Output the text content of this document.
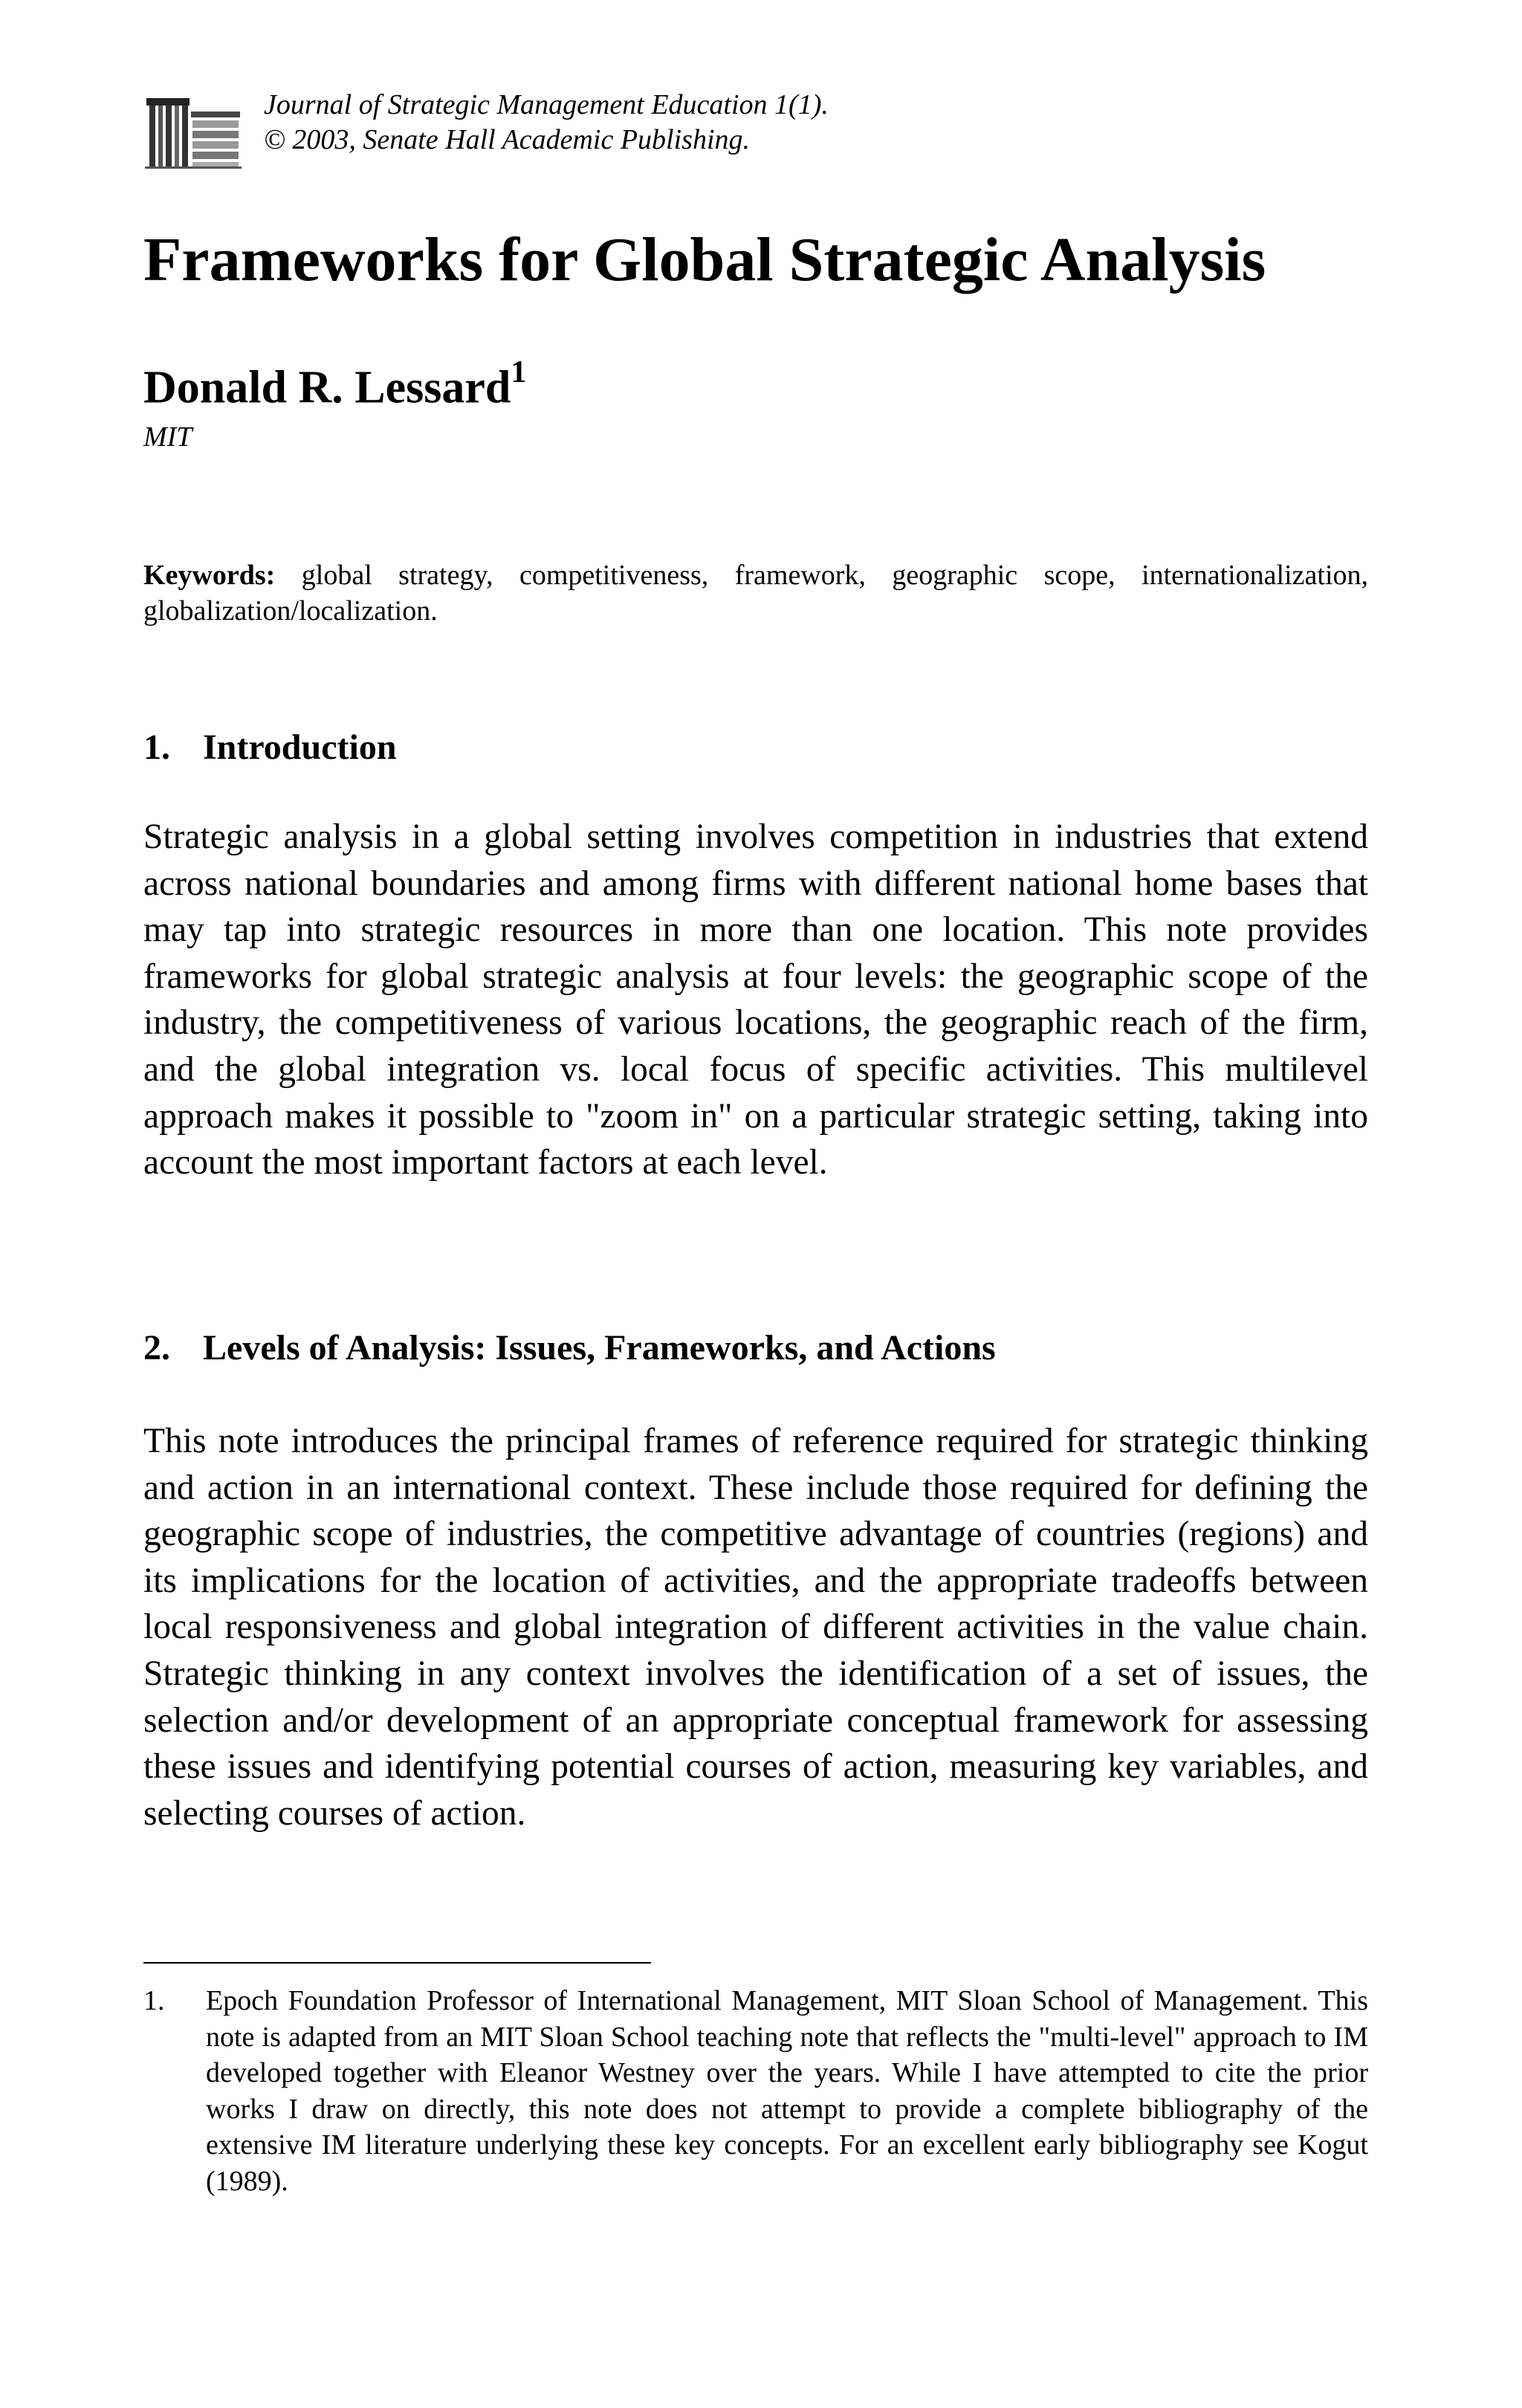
Journal of Strategic Management Education 1(1).
© 2003, Senate Hall Academic Publishing.
Frameworks for Global Strategic Analysis
Donald R. Lessard$^1$
MIT

Keywords: global strategy, competitiveness, framework, geographic scope, internationalization, globalization/localization.

1. Introduction

Strategic analysis in a global setting involves competition in industries that extend across national boundaries and among firms with different national home bases that may tap into strategic resources in more than one location. This note provides frameworks for global strategic analysis at four levels: the geographic scope of the industry, the competitiveness of various locations, the geographic reach of the firm, and the global integration vs. local focus of specific activities. This multilevel approach makes it possible to "zoom in" on a particular strategic setting, taking into account the most important factors at each level.

2. Levels of Analysis: Issues, Frameworks, and Actions

This note introduces the principal frames of reference required for strategic thinking and action in an international context. These include those required for defining the geographic scope of industries, the competitive advantage of countries (regions) and its implications for the location of activities, and the appropriate tradeoffs between local responsiveness and global integration of different activities in the value chain. Strategic thinking in any context involves the identification of a set of issues, the selection and/or development of an appropriate conceptual framework for assessing these issues and identifying potential courses of action, measuring key variables, and selecting courses of action.

1. Epoch Foundation Professor of International Management, MIT Sloan School of Management. This note is adapted from an MIT Sloan School teaching note that reflects the "multi-level" approach to IM developed together with Eleanor Westney over the years. While I have attempted to cite the prior works I draw on directly, this note does not attempt to provide a complete bibliography of the extensive IM literature underlying these key concepts. For an excellent early bibliography see Kogut (1989).
